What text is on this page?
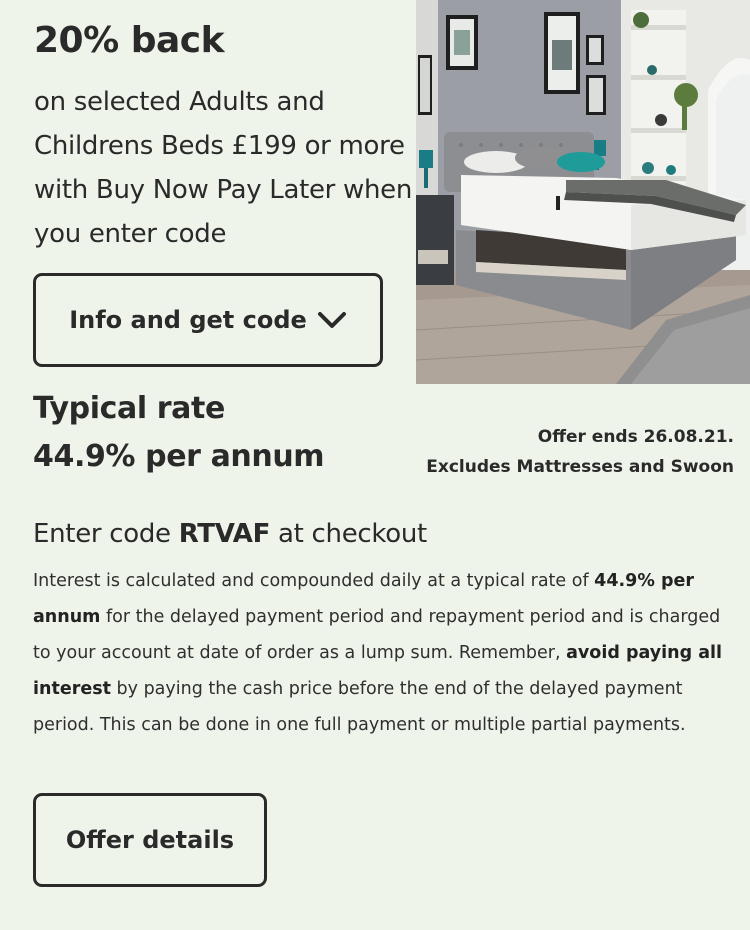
20% back
on selected Adults and Childrens Beds £199 or more with Buy Now Pay Later when you enter code
Info and get code
Typical rate
44.9% per annum
Offer ends 26.08.21.
Excludes Mattresses and Swoon
Enter code RTVAF at checkout
Interest is calculated and compounded daily at a typical rate of 44.9% per annum for the delayed payment period and repayment period and is charged to your account at date of order as a lump sum. Remember, avoid paying all interest by paying the cash price before the end of the delayed payment period. This can be done in one full payment or multiple partial payments.
Offer details
